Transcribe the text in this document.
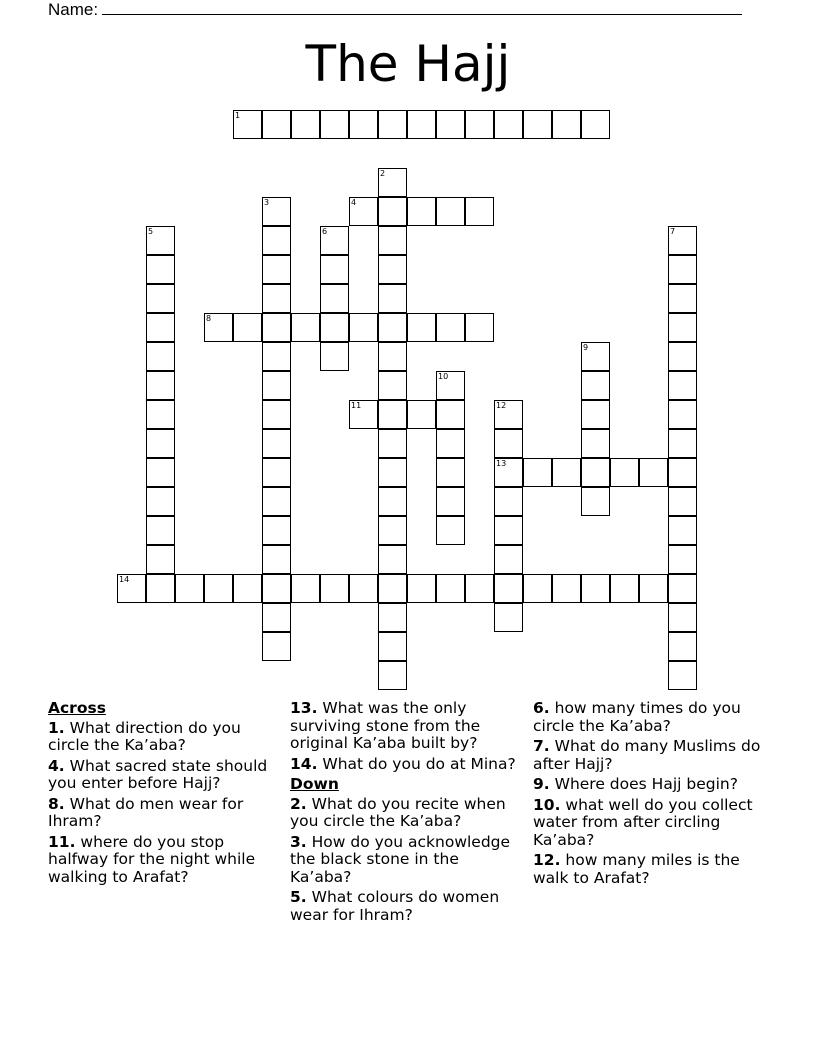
Name:
The Hajj
1
2
3	4
5	6	7
8
9
10
11	12
13
14
Across
1. What direction do you circle the Ka’aba?
4. What sacred state should you enter before Hajj?
8. What do men wear for Ihram?
11. where do you stop halfway for the night while walking to Arafat?
13. What was the only surviving stone from the original Ka’aba built by?
14. What do you do at Mina?
Down
2. What do you recite when you circle the Ka’aba?
3. How do you acknowledge the black stone in the Ka’aba?
5. What colours do women wear for Ihram?
6. how many times do you circle the Ka’aba?
7. What do many Muslims do after Hajj?
9. Where does Hajj begin?
10. what well do you collect water from after circling Ka’aba?
12. how many miles is the walk to Arafat?
